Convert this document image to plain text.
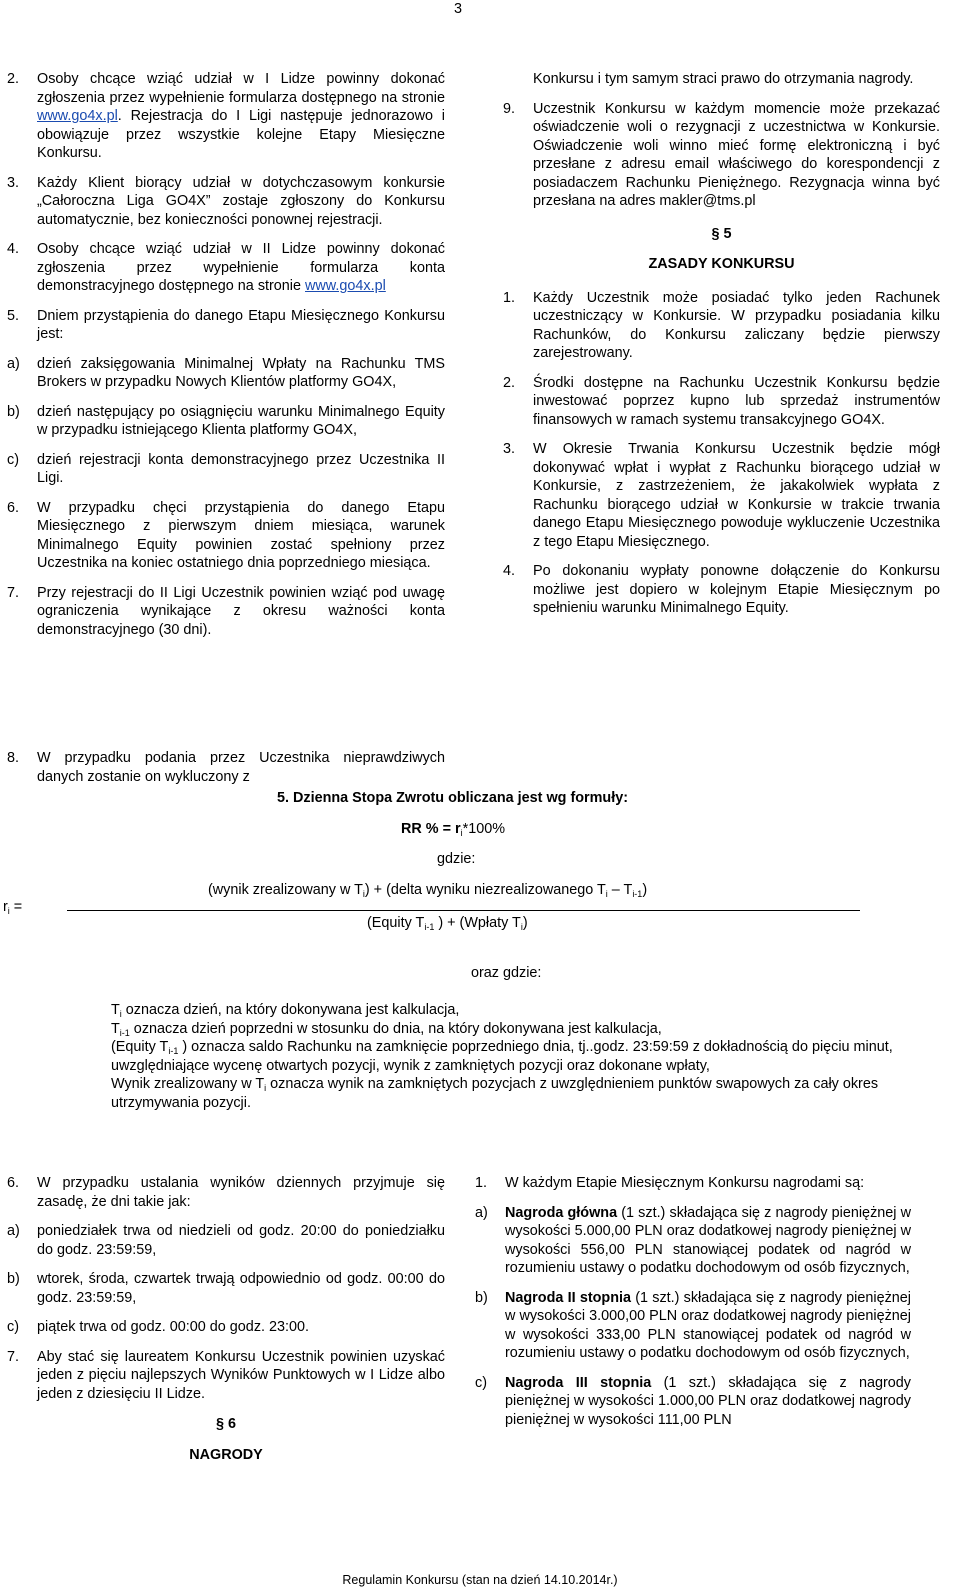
3
2.	Osoby chcące wziąć udział w I Lidze powinny dokonać zgłoszenia przez wypełnienie formularza dostępnego na stronie www.go4x.pl. Rejestracja do I Ligi następuje jednorazowo i obowiązuje przez wszystkie kolejne Etapy Miesięczne Konkursu.
3.	Każdy Klient biorący udział w dotychczasowym konkursie „Całoroczna Liga GO4X” zostaje zgłoszony do Konkursu automatycznie, bez konieczności ponownej rejestracji.
4.	Osoby chcące wziąć udział w II Lidze powinny dokonać zgłoszenia przez wypełnienie formularza konta demonstracyjnego dostępnego na stronie www.go4x.pl
5.	Dniem przystąpienia do danego Etapu Miesięcznego Konkursu jest:
a)	dzień zaksięgowania Minimalnej Wpłaty na Rachunku TMS Brokers w przypadku Nowych Klientów platformy GO4X,
b)	dzień następujący po osiągnięciu warunku Minimalnego Equity w przypadku istniejącego Klienta platformy GO4X,
c)	dzień rejestracji konta demonstracyjnego przez Uczestnika II Ligi.
6.	W przypadku chęci przystąpienia do danego Etapu Miesięcznego z pierwszym dniem miesiąca, warunek Minimalnego Equity powinien zostać spełniony przez Uczestnika na koniec ostatniego dnia poprzedniego miesiąca.
7.	Przy rejestracji do II Ligi Uczestnik powinien wziąć pod uwagę ograniczenia wynikające z okresu ważności konta demonstracyjnego (30 dni).
8.	W przypadku podania przez Uczestnika nieprawdziwych danych zostanie on wykluczony z
Konkursu i tym samym straci prawo do otrzymania nagrody.
9.	Uczestnik Konkursu w każdym momencie może przekazać oświadczenie woli o rezygnacji z uczestnictwa w Konkursie. Oświadczenie woli winno mieć formę elektroniczną i być przesłane z adresu email właściwego do korespondencji z posiadaczem Rachunku Pieniężnego. Rezygnacja winna być przesłana na adres makler@tms.pl
§ 5
ZASADY KONKURSU
1.	Każdy Uczestnik może posiadać tylko jeden Rachunek uczestniczący w Konkursie. W przypadku posiadania kilku Rachunków, do Konkursu zaliczany będzie pierwszy zarejestrowany.
2.	Środki dostępne na Rachunku Uczestnik Konkursu będzie inwestować poprzez kupno lub sprzedaż instrumentów finansowych w ramach systemu transakcyjnego GO4X.
3.	W Okresie Trwania Konkursu Uczestnik będzie mógł dokonywać wpłat i wypłat z Rachunku biorącego udział w Konkursie, z zastrzeżeniem, że jakakolwiek wypłata z Rachunku biorącego udział w Konkursie w trakcie trwania danego Etapu Miesięcznego powoduje wykluczenie Uczestnika z tego Etapu Miesięcznego.
4.	Po dokonaniu wypłaty ponowne dołączenie do Konkursu możliwe jest dopiero w kolejnym Etapie Miesięcznym po spełnieniu warunku Minimalnego Equity.
5. Dzienna Stopa Zwrotu obliczana jest wg formuły:
RR % = $r_i*100\%$
gdzie:
(wynik zrealizowany w $T_i$) + (delta wyniku niezrealizowanego $T_i - T_{i-1}$)
$r_i$ =
(Equity $T_{i-1}$ ) + (Wpłaty $T_i$)
oraz gdzie:
$T_i$ oznacza dzień, na który dokonywana jest kalkulacja,
$T_{i-1}$ oznacza dzień poprzedni w stosunku do dnia, na który dokonywana jest kalkulacja,
(Equity $T_{i-1}$ ) oznacza saldo Rachunku na zamknięcie poprzedniego dnia, tj..godz. 23:59:59 z dokładnością do pięciu minut, uwzględniające wycenę otwartych pozycji, wynik z zamkniętych pozycji oraz dokonane wpłaty,
Wynik zrealizowany w $T_i$ oznacza wynik na zamkniętych pozycjach z uwzględnieniem punktów swapowych za cały okres utrzymywania pozycji.
6.	W przypadku ustalania wyników dziennych przyjmuje się zasadę, że dni takie jak:
a)	poniedziałek trwa od niedzieli od godz. 20:00 do poniedziałku do godz. 23:59:59,
b)	wtorek, środa, czwartek trwają odpowiednio od godz. 00:00 do godz. 23:59:59,
c)	piątek trwa od godz. 00:00 do godz. 23:00.
7.	Aby stać się laureatem Konkursu Uczestnik powinien uzyskać jeden z pięciu najlepszych Wyników Punktowych w I Lidze albo jeden z dziesięciu II Lidze.
§ 6
NAGRODY
1.	W każdym Etapie Miesięcznym Konkursu nagrodami są:
a)	Nagroda główna (1 szt.) składająca się z nagrody pieniężnej w wysokości 5.000,00 PLN oraz dodatkowej nagrody pieniężnej w wysokości 556,00 PLN stanowiącej podatek od nagród w rozumieniu ustawy o podatku dochodowym od osób fizycznych,
b)	Nagroda II stopnia (1 szt.) składająca się z nagrody pieniężnej w wysokości 3.000,00 PLN oraz dodatkowej nagrody pieniężnej w wysokości 333,00 PLN stanowiącej podatek od nagród w rozumieniu ustawy o podatku dochodowym od osób fizycznych,
c)	Nagroda III stopnia (1 szt.) składająca się z nagrody pieniężnej w wysokości 1.000,00 PLN oraz dodatkowej nagrody pieniężnej w wysokości 111,00 PLN
Regulamin Konkursu (stan na dzień 14.10.2014r.)
